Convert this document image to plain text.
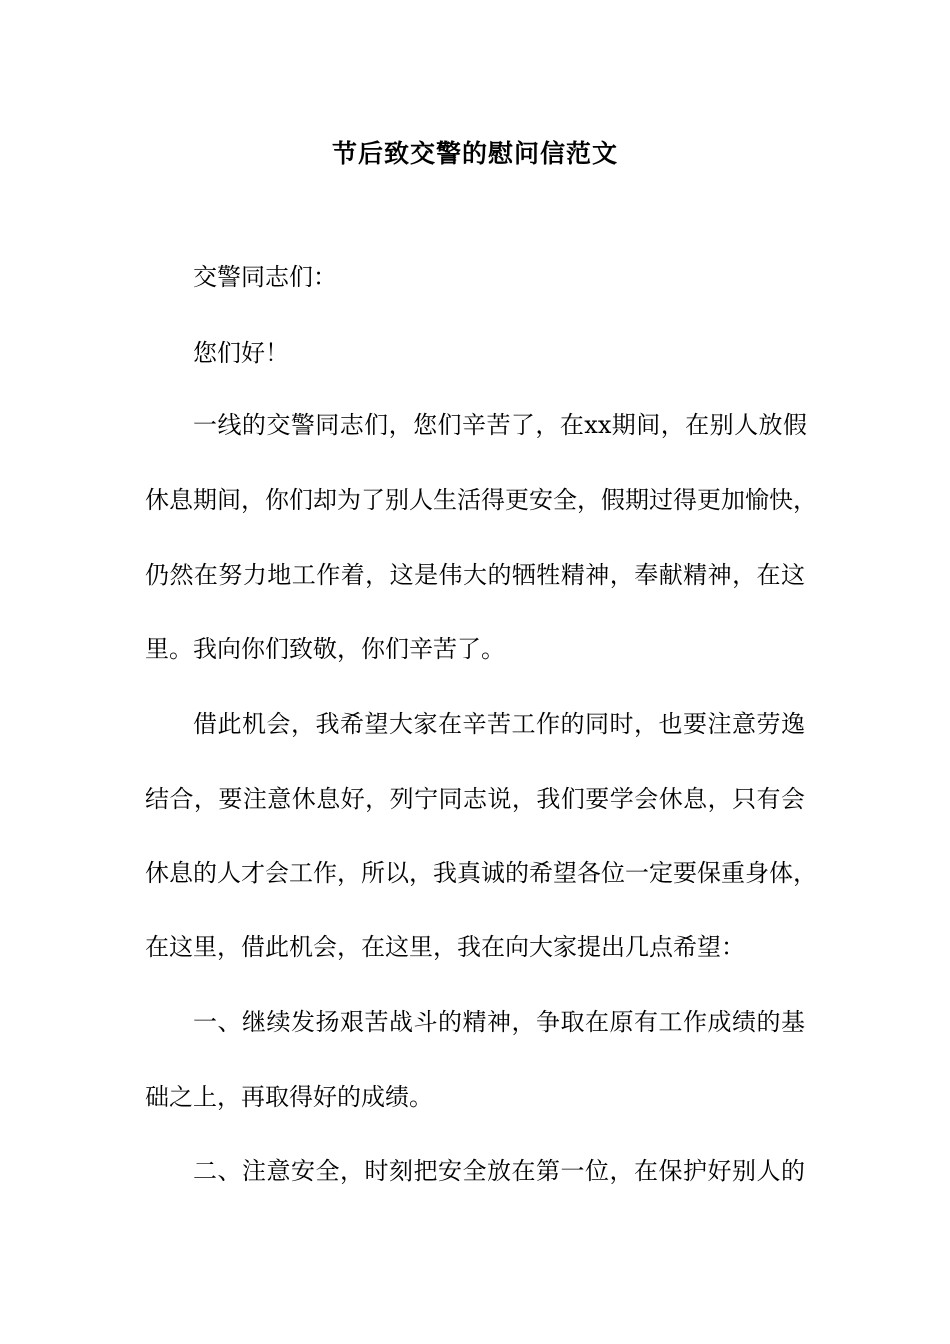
节后致交警的慰问信范文
交警同志们：
您们好！
一线的交警同志们，您们辛苦了，在xx期间，在别人放假
休息期间，你们却为了别人生活得更安全，假期过得更加愉快，
仍然在努力地工作着，这是伟大的牺牲精神，奉献精神，在这
里。我向你们致敬，你们辛苦了。
借此机会，我希望大家在辛苦工作的同时，也要注意劳逸
结合，要注意休息好，列宁同志说，我们要学会休息，只有会
休息的人才会工作，所以，我真诚的希望各位一定要保重身体，
在这里，借此机会，在这里，我在向大家提出几点希望：
一、继续发扬艰苦战斗的精神，争取在原有工作成绩的基
础之上，再取得好的成绩。
二、注意安全，时刻把安全放在第一位，在保护好别人的
